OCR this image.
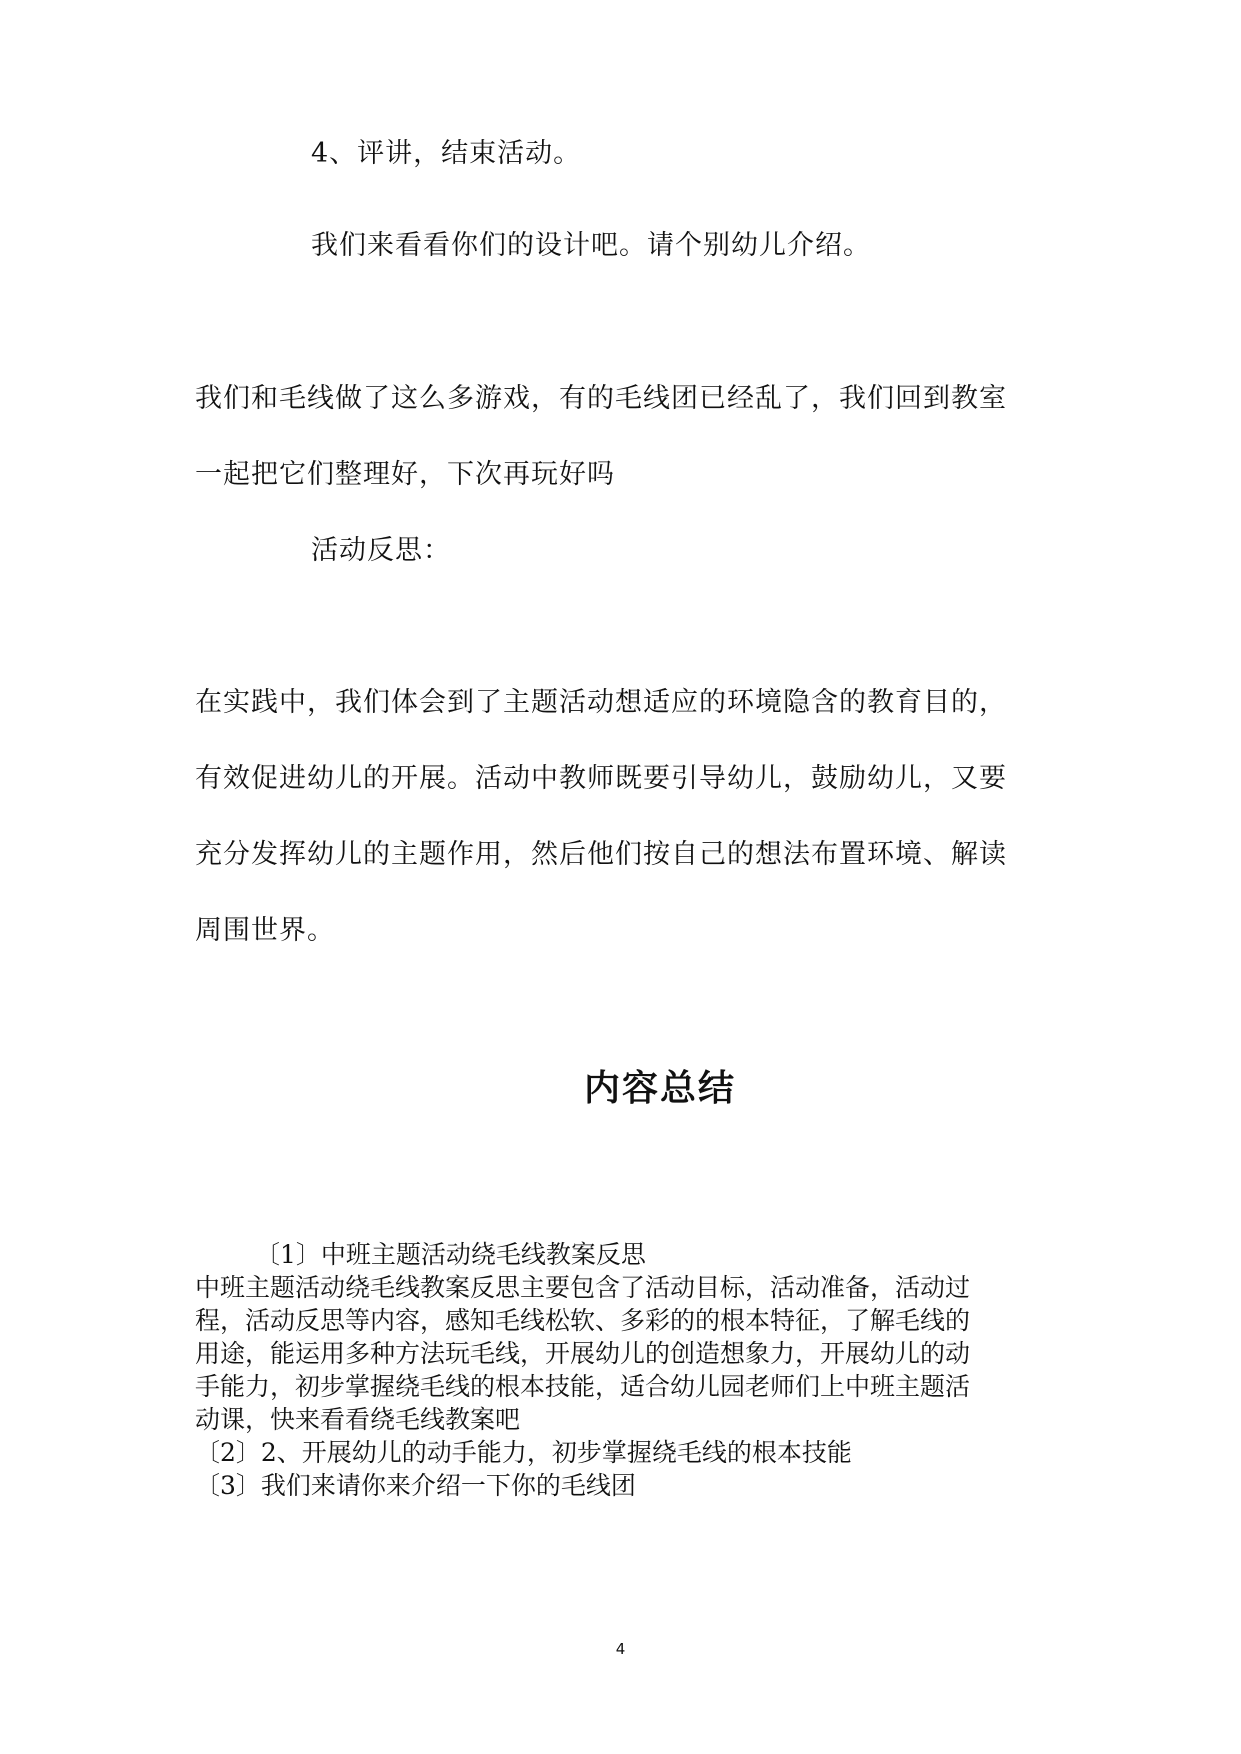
4、评讲，结束活动。
我们来看看你们的设计吧。请个别幼儿介绍。
我们和毛线做了这么多游戏，有的毛线团已经乱了，我们回到教室
一起把它们整理好，下次再玩好吗
活动反思：
在实践中，我们体会到了主题活动想适应的环境隐含的教育目的，
有效促进幼儿的开展。活动中教师既要引导幼儿，鼓励幼儿，又要
充分发挥幼儿的主题作用，然后他们按自己的想法布置环境、解读
周围世界。
内容总结
〔1〕中班主题活动绕毛线教案反思
中班主题活动绕毛线教案反思主要包含了活动目标，活动准备，活动过
程，活动反思等内容，感知毛线松软、多彩的的根本特征，了解毛线的
用途，能运用多种方法玩毛线，开展幼儿的创造想象力，开展幼儿的动
手能力，初步掌握绕毛线的根本技能，适合幼儿园老师们上中班主题活
动课，快来看看绕毛线教案吧
〔2〕2、开展幼儿的动手能力，初步掌握绕毛线的根本技能
〔3〕我们来请你来介绍一下你的毛线团
4
